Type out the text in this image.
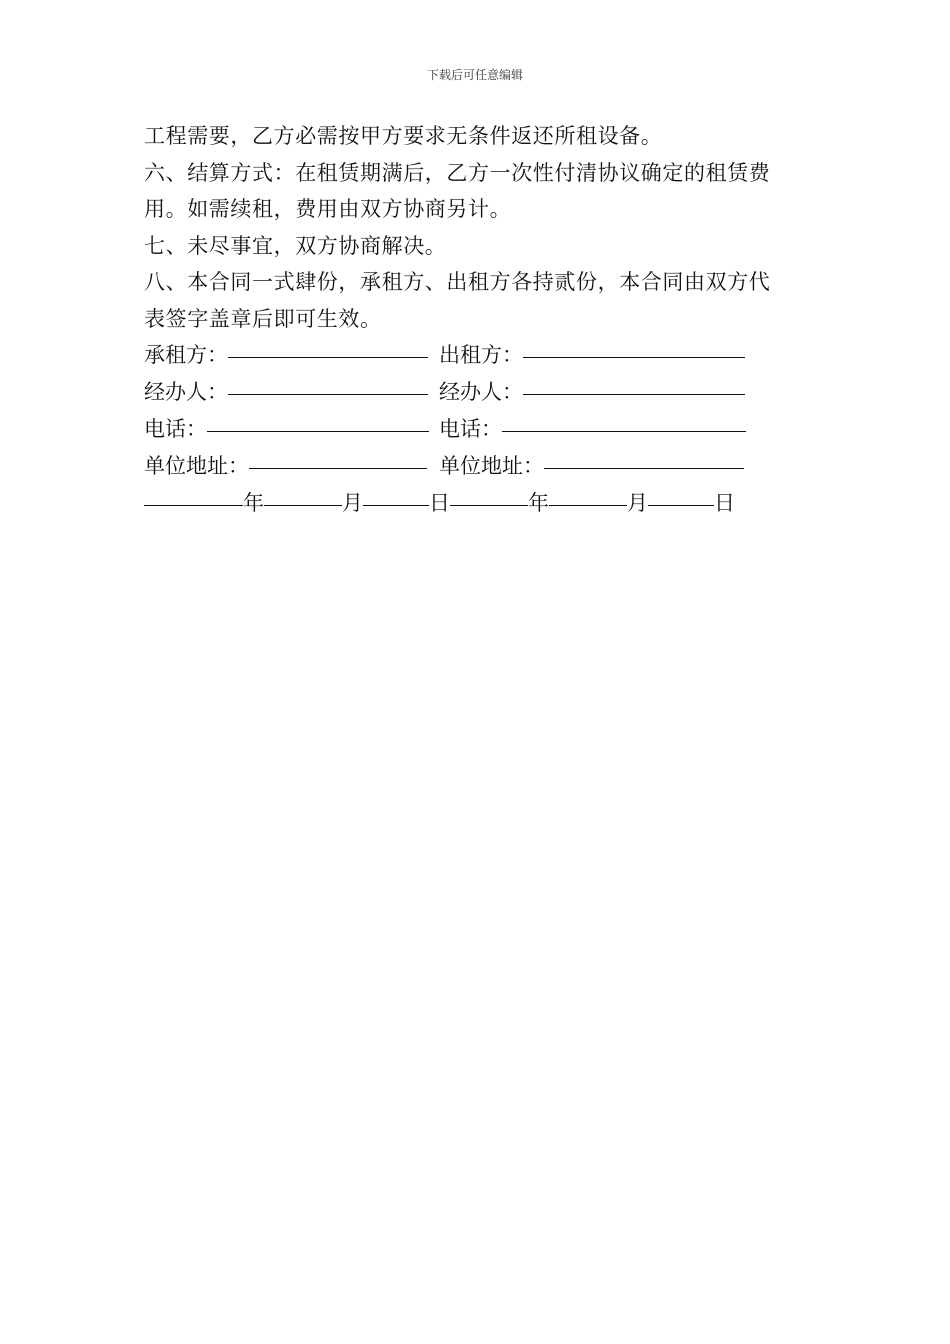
下载后可任意编辑
工程需要，乙方必需按甲方要求无条件返还所租设备。
六、结算方式：在租赁期满后，乙方一次性付清协议确定的租赁费
用。如需续租，费用由双方协商另计。
七、未尽事宜，双方协商解决。
八、本合同一式肆份，承租方、出租方各持贰份，本合同由双方代
表签字盖章后即可生效。
承租方：	出租方：
经办人：	经办人：
电话：	电话：
单位地址：	单位地址：
年	月	日	年	月	日
